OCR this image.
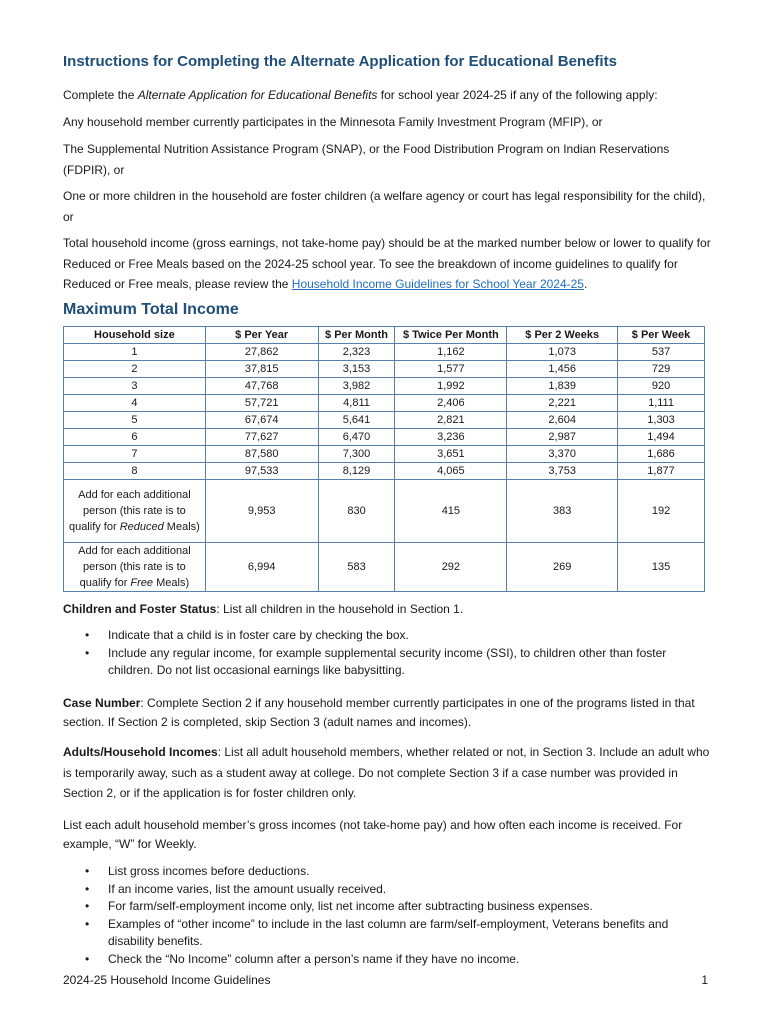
Instructions for Completing the Alternate Application for Educational Benefits
Complete the Alternate Application for Educational Benefits for school year 2024-25 if any of the following apply:
Any household member currently participates in the Minnesota Family Investment Program (MFIP), or
The Supplemental Nutrition Assistance Program (SNAP), or the Food Distribution Program on Indian Reservations (FDPIR), or
One or more children in the household are foster children (a welfare agency or court has legal responsibility for the child), or
Total household income (gross earnings, not take-home pay) should be at the marked number below or lower to qualify for Reduced or Free Meals based on the 2024-25 school year. To see the breakdown of income guidelines to qualify for Reduced or Free meals, please review the Household Income Guidelines for School Year 2024-25.
Maximum Total Income
Household size	$ Per Year	$ Per Month	$ Twice Per Month	$ Per 2 Weeks	$ Per Week
1	27,862	2,323	1,162	1,073	537
2	37,815	3,153	1,577	1,456	729
3	47,768	3,982	1,992	1,839	920
4	57,721	4,811	2,406	2,221	1,111
5	67,674	5,641	2,821	2,604	1,303
6	77,627	6,470	3,236	2,987	1,494
7	87,580	7,300	3,651	3,370	1,686
8	97,533	8,129	4,065	3,753	1,877
Add for each additional person (this rate is to qualify for Reduced Meals)	9,953	830	415	383	192
Add for each additional person (this rate is to qualify for Free Meals)	6,994	583	292	269	135
Children and Foster Status: List all children in the household in Section 1.
• Indicate that a child is in foster care by checking the box.
• Include any regular income, for example supplemental security income (SSI), to children other than foster children. Do not list occasional earnings like babysitting.
Case Number: Complete Section 2 if any household member currently participates in one of the programs listed in that section. If Section 2 is completed, skip Section 3 (adult names and incomes).
Adults/Household Incomes: List all adult household members, whether related or not, in Section 3. Include an adult who is temporarily away, such as a student away at college. Do not complete Section 3 if a case number was provided in Section 2, or if the application is for foster children only.
List each adult household member’s gross incomes (not take-home pay) and how often each income is received. For example, “W” for Weekly.
• List gross incomes before deductions.
• If an income varies, list the amount usually received.
• For farm/self-employment income only, list net income after subtracting business expenses.
• Examples of “other income” to include in the last column are farm/self-employment, Veterans benefits and disability benefits.
• Check the “No Income” column after a person’s name if they have no income.
2024-25 Household Income Guidelines	1
